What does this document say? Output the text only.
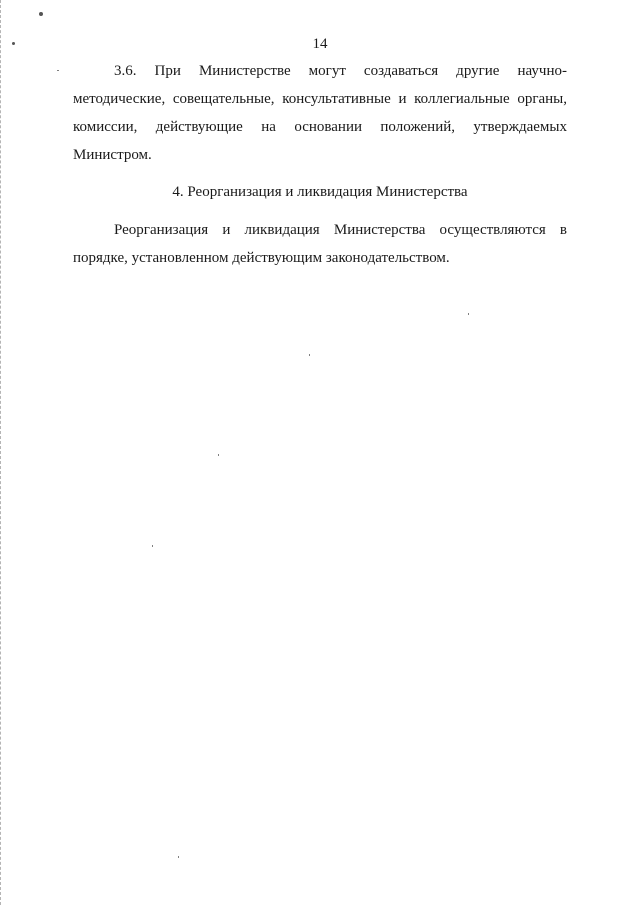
14

3.6. При Министерстве могут создаваться другие научно-методические, совещательные, консультативные и коллегиальные органы, комиссии, действующие на основании положений, утверждаемых Министром.

4. Реорганизация и ликвидация Министерства

Реорганизация и ликвидация Министерства осуществляются в порядке, установленном действующим законодательством.
